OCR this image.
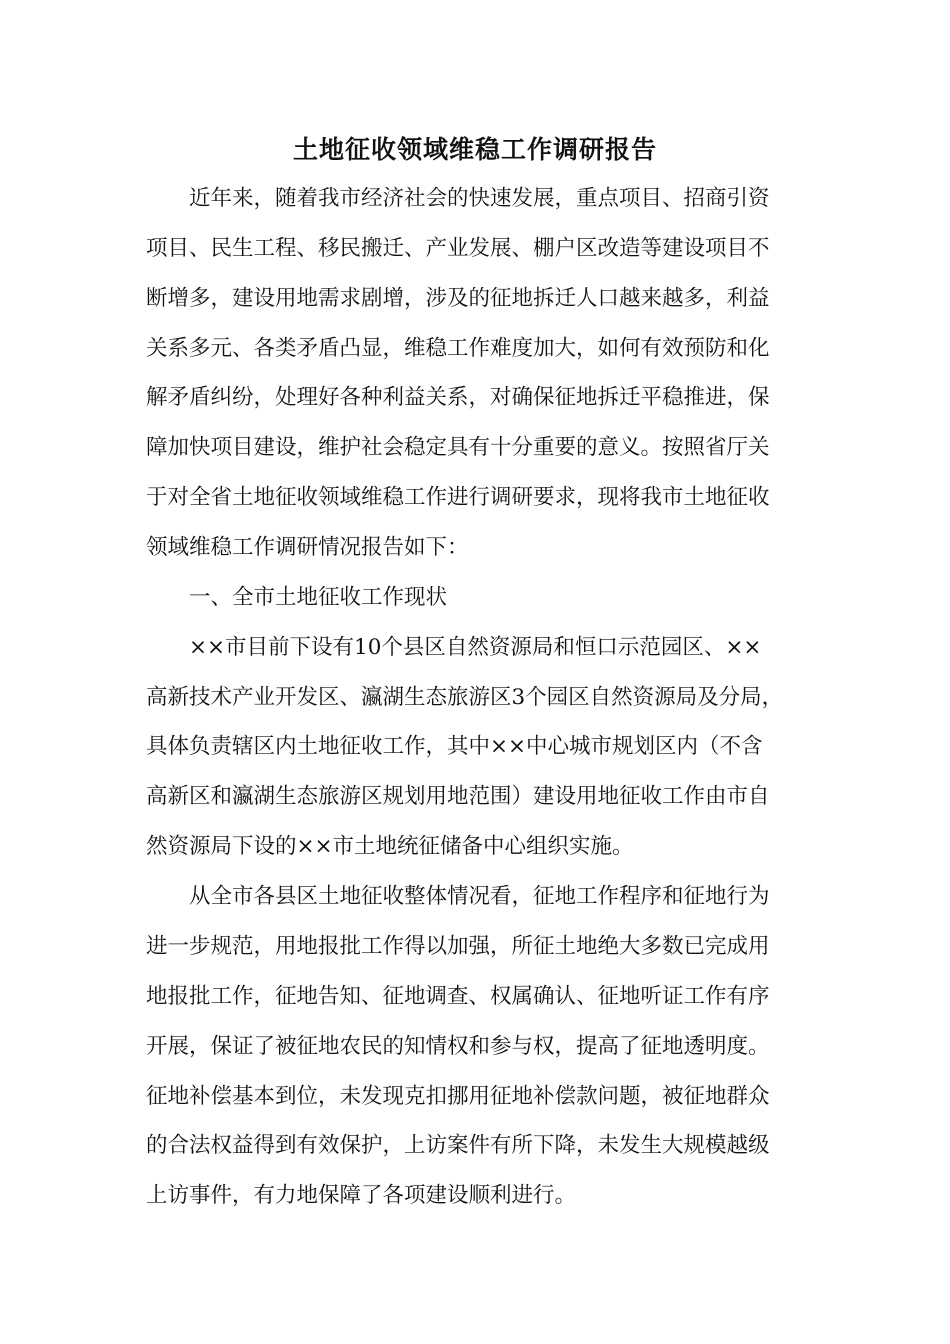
土地征收领域维稳工作调研报告
　　近年来，随着我市经济社会的快速发展，重点项目、招商引资
项目、民生工程、移民搬迁、产业发展、棚户区改造等建设项目不
断增多，建设用地需求剧增，涉及的征地拆迁人口越来越多，利益
关系多元、各类矛盾凸显，维稳工作难度加大，如何有效预防和化
解矛盾纠纷，处理好各种利益关系，对确保征地拆迁平稳推进，保
障加快项目建设，维护社会稳定具有十分重要的意义。按照省厅关
于对全省土地征收领域维稳工作进行调研要求，现将我市土地征收
领域维稳工作调研情况报告如下：
　　一、全市土地征收工作现状
　　××市目前下设有10个县区自然资源局和恒口示范园区、××
高新技术产业开发区、瀛湖生态旅游区3个园区自然资源局及分局，
具体负责辖区内土地征收工作，其中××中心城市规划区内（不含
高新区和瀛湖生态旅游区规划用地范围）建设用地征收工作由市自
然资源局下设的××市土地统征储备中心组织实施。
　　从全市各县区土地征收整体情况看，征地工作程序和征地行为
进一步规范，用地报批工作得以加强，所征土地绝大多数已完成用
地报批工作，征地告知、征地调查、权属确认、征地听证工作有序
开展，保证了被征地农民的知情权和参与权，提高了征地透明度。
征地补偿基本到位，未发现克扣挪用征地补偿款问题，被征地群众
的合法权益得到有效保护，上访案件有所下降，未发生大规模越级
上访事件，有力地保障了各项建设顺利进行。
